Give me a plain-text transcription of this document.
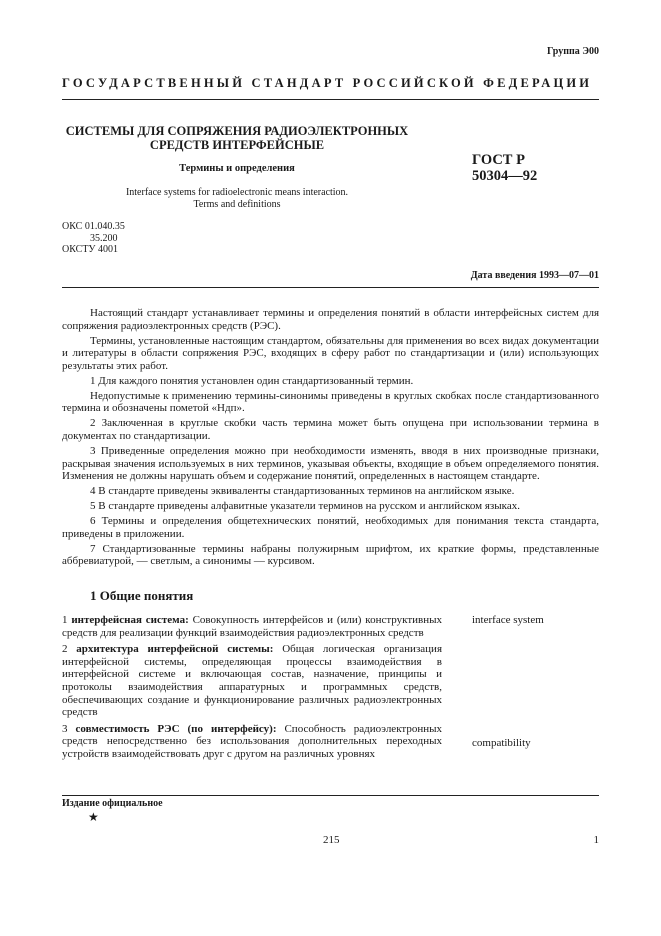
Группа Э00
ГОСУДАРСТВЕННЫЙ СТАНДАРТ РОССИЙСКОЙ ФЕДЕРАЦИИ
СИСТЕМЫ ДЛЯ СОПРЯЖЕНИЯ РАДИОЭЛЕКТРОННЫХ
СРЕДСТВ ИНТЕРФЕЙСНЫЕ
Термины и определения
Interface systems for radioelectronic means interaction.
Terms and definitions
ГОСТ Р
50304—92
ОКС 01.040.35
35.200
ОКСТУ 4001
Дата введения 1993—07—01

Настоящий стандарт устанавливает термины и определения понятий в области интерфейсных систем для сопряжения радиоэлектронных средств (РЭС).

Термины, установленные настоящим стандартом, обязательны для применения во всех видах документации и литературы в области сопряжения РЭС, входящих в сферу работ по стандартизации и (или) использующих результаты этих работ.

1 Для каждого понятия установлен один стандартизованный термин.

Недопустимые к применению термины-синонимы приведены в круглых скобках после стандартизованного термина и обозначены пометой «Ндп».

2 Заключенная в круглые скобки часть термина может быть опущена при использовании термина в документах по стандартизации.

3 Приведенные определения можно при необходимости изменять, вводя в них производные признаки, раскрывая значения используемых в них терминов, указывая объекты, входящие в объем определяемого понятия. Изменения не должны нарушать объем и содержание понятий, определенных в настоящем стандарте.

4 В стандарте приведены эквиваленты стандартизованных терминов на английском языке.

5 В стандарте приведены алфавитные указатели терминов на русском и английском языках.

6 Термины и определения общетехнических понятий, необходимых для понимания текста стандарта, приведены в приложении.

7 Стандартизованные термины набраны полужирным шрифтом, их краткие формы, представленные аббревиатурой, — светлым, а синонимы — курсивом.

1 Общие понятия
1 интерфейсная система: Совокупность интерфейсов и (или) конструктивных средств для реализации функций взаимодействия радиоэлектронных средств
2 архитектура интерфейсной системы: Общая логическая организация интерфейсной системы, определяющая процессы взаимодействия в интерфейсной системе и включающая состав, назначение, принципы и протоколы взаимодействия аппаратурных и программных средств, обеспечивающих создание и функционирование различных радиоэлектронных средств
3 совместимость РЭС (по интерфейсу): Способность радиоэлектронных средств непосредственно без использования дополнительных переходных устройств взаимодействовать друг с другом на различных уровнях
interface system
compatibility
Издание официальное
★
215	1
